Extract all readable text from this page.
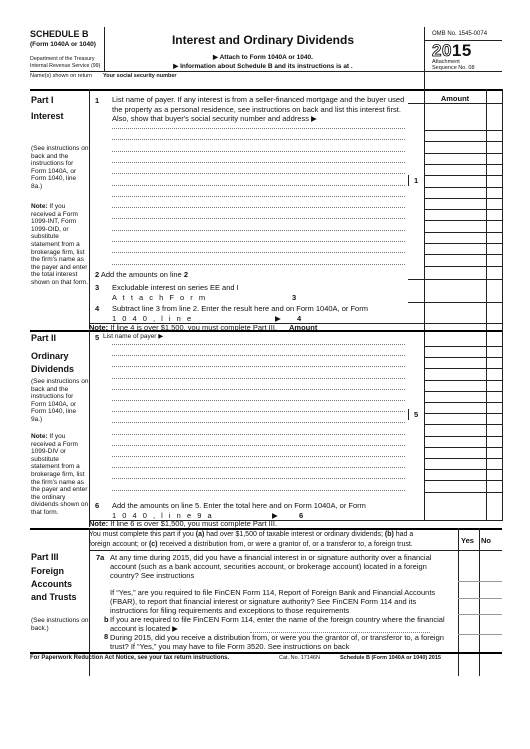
SCHEDULE B
(Form 1040A or 1040)
Department of the Treasury
Internal Revenue Service (99)
Interest and Ordinary Dividends
▶ Attach to Form 1040A or 1040.
▶ Information about Schedule B and its instructions is at .
OMB No. 1545-0074
2015
Attachment
Sequence No. 08
Name(s) shown on return Your social security number
Part I
Interest
(See instructions on back and the instructions for Form 1040A, or Form 1040, line 8a.)
Note: If you received a Form 1099-INT, Form 1099-OID, or substitute statement from a brokerage firm, list the firm's name as the payer and enter the total interest shown on that form.
1 List name of payer. If any interest is from a seller-financed mortgage and the buyer used the property as a personal residence, see instructions on back and list this interest first. Also, show that buyer's social security number and address ▶
Amount
1
2 Add the amounts on line 2
3 Excludable interest on series EE and I
A t t a c h F o r m	3
4 Subtract line 3 from line 2. Enter the result here and on Form 1040A, or Form
1 0 4 0 , l i n e	▶ 4
Note: If line 4 is over $1,500, you must complete Part III. Amount
Part II
Ordinary Dividends
(See instructions on back and the instructions for Form 1040A, or Form 1040, line 9a.)
Note: If you received a Form 1099-DIV or substitute statement from a brokerage firm, list the firm's name as the payer and enter the ordinary dividends shown on that form.
5 List name of payer ▶
5
6 Add the amounts on line 5. Enter the total here and on Form 1040A, or Form
1 0 4 0 , l i n e 9 a	▶	6
Note: If line 6 is over $1,500, you must complete Part III.
You must complete this part if you (a) had over $1,500 of taxable interest or ordinary dividends; (b) had a
foreign account; or (c) received a distribution from, or were a grantor of, or a transferor to, a foreign trust.	Yes No
Part III
Foreign Accounts and Trusts
(See instructions on back.)
7a At any time during 2015, did you have a financial interest in or signature authority over a financial account (such as a bank account, securities account, or brokerage account) located in a foreign country? See instructions
If “Yes,” are you required to file FinCEN Form 114, Report of Foreign Bank and Financial Accounts (FBAR), to report that financial interest or signature authority? See FinCEN Form 114 and its instructions for filing requirements and exceptions to those requirements
b If you are required to file FinCEN Form 114, enter the name of the foreign country where the financial account is located ▶
8 During 2015, did you receive a distribution from, or were you the grantor of, or transferor to, a foreign trust? If “Yes,” you may have to file Form 3520. See instructions on back
For Paperwork Reduction Act Notice, see your tax return instructions.	Cat. No. 17146N	Schedule B (Form 1040A or 1040) 2015
